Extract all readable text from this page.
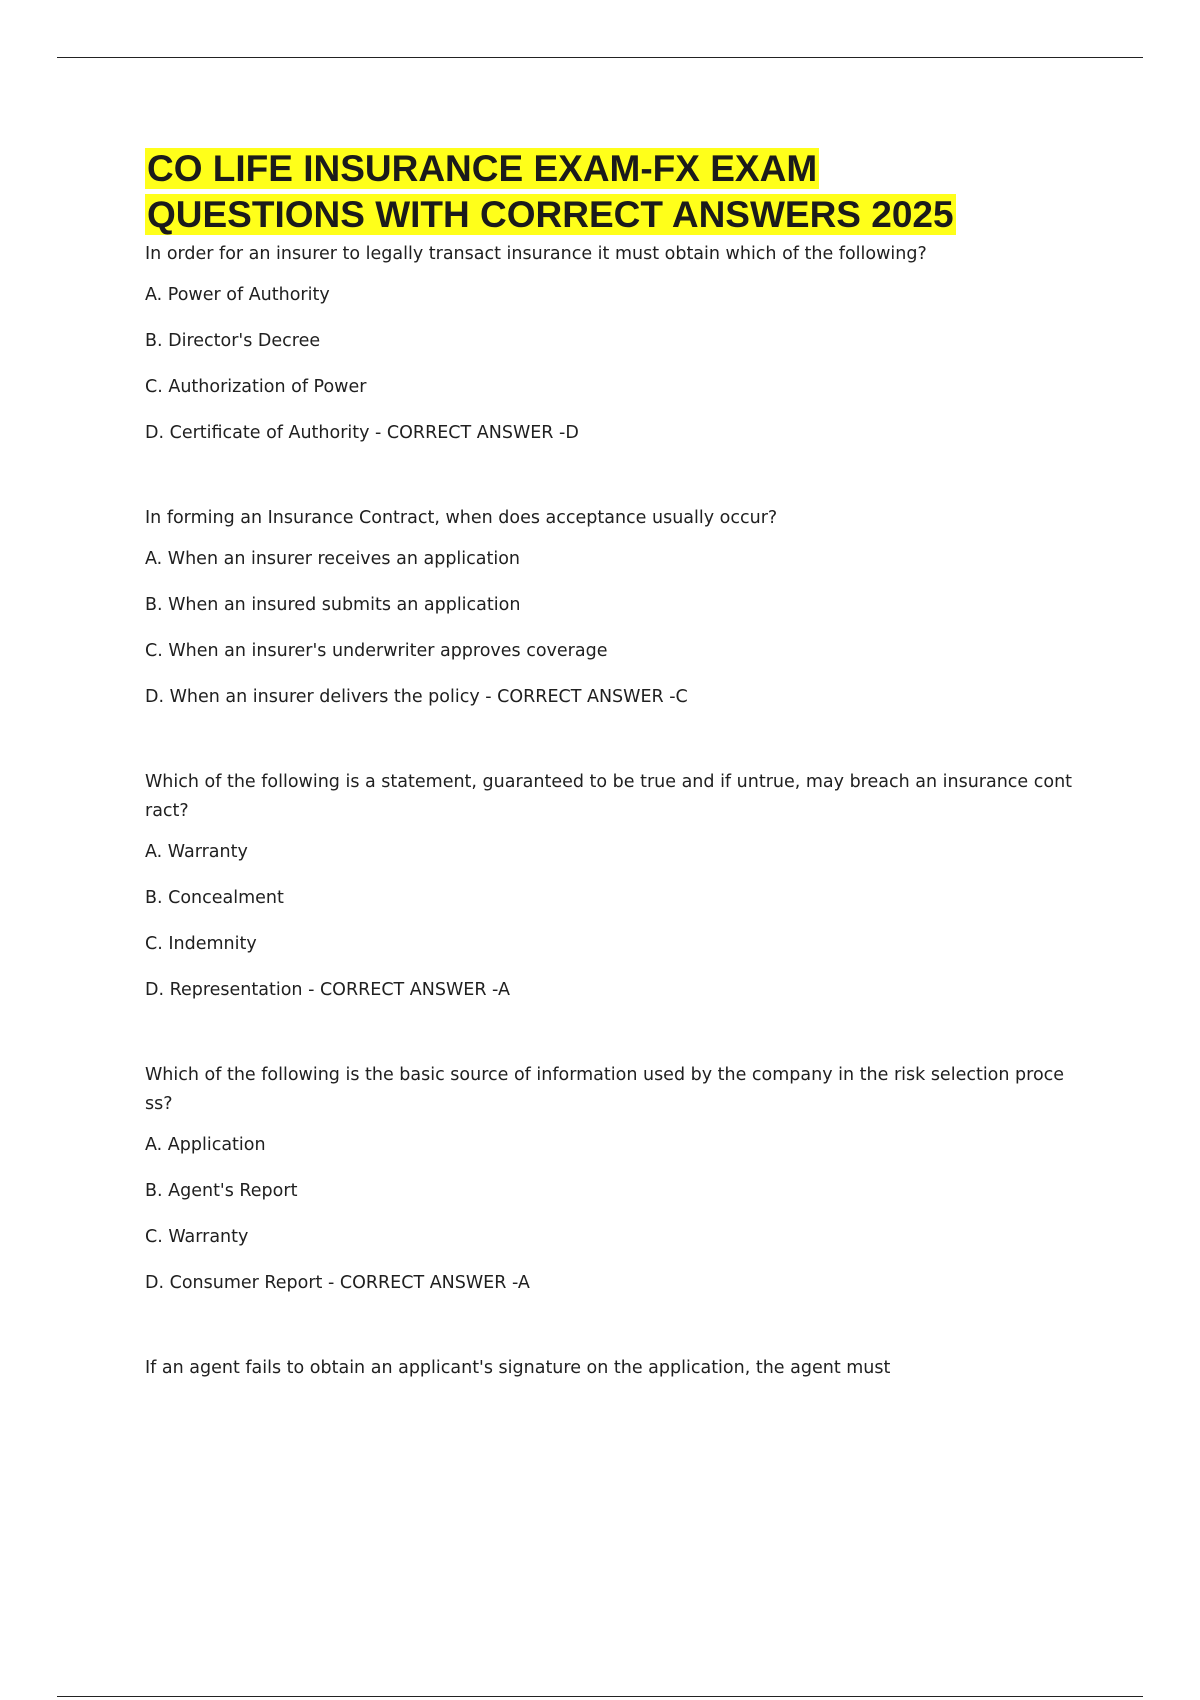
CO LIFE INSURANCE EXAM-FX EXAM
QUESTIONS WITH CORRECT ANSWERS 2025

In order for an insurer to legally transact insurance it must obtain which of the following?

A. Power of Authority

B. Director's Decree

C. Authorization of Power

D. Certificate of Authority - CORRECT ANSWER -D

In forming an Insurance Contract, when does acceptance usually occur?

A. When an insurer receives an application

B. When an insured submits an application

C. When an insurer's underwriter approves coverage

D. When an insurer delivers the policy - CORRECT ANSWER -C

Which of the following is a statement, guaranteed to be true and if untrue, may breach an insurance cont
ract?

A. Warranty

B. Concealment

C. Indemnity

D. Representation - CORRECT ANSWER -A

Which of the following is the basic source of information used by the company in the risk selection proce
ss?

A. Application

B. Agent's Report

C. Warranty

D. Consumer Report - CORRECT ANSWER -A

If an agent fails to obtain an applicant's signature on the application, the agent must
